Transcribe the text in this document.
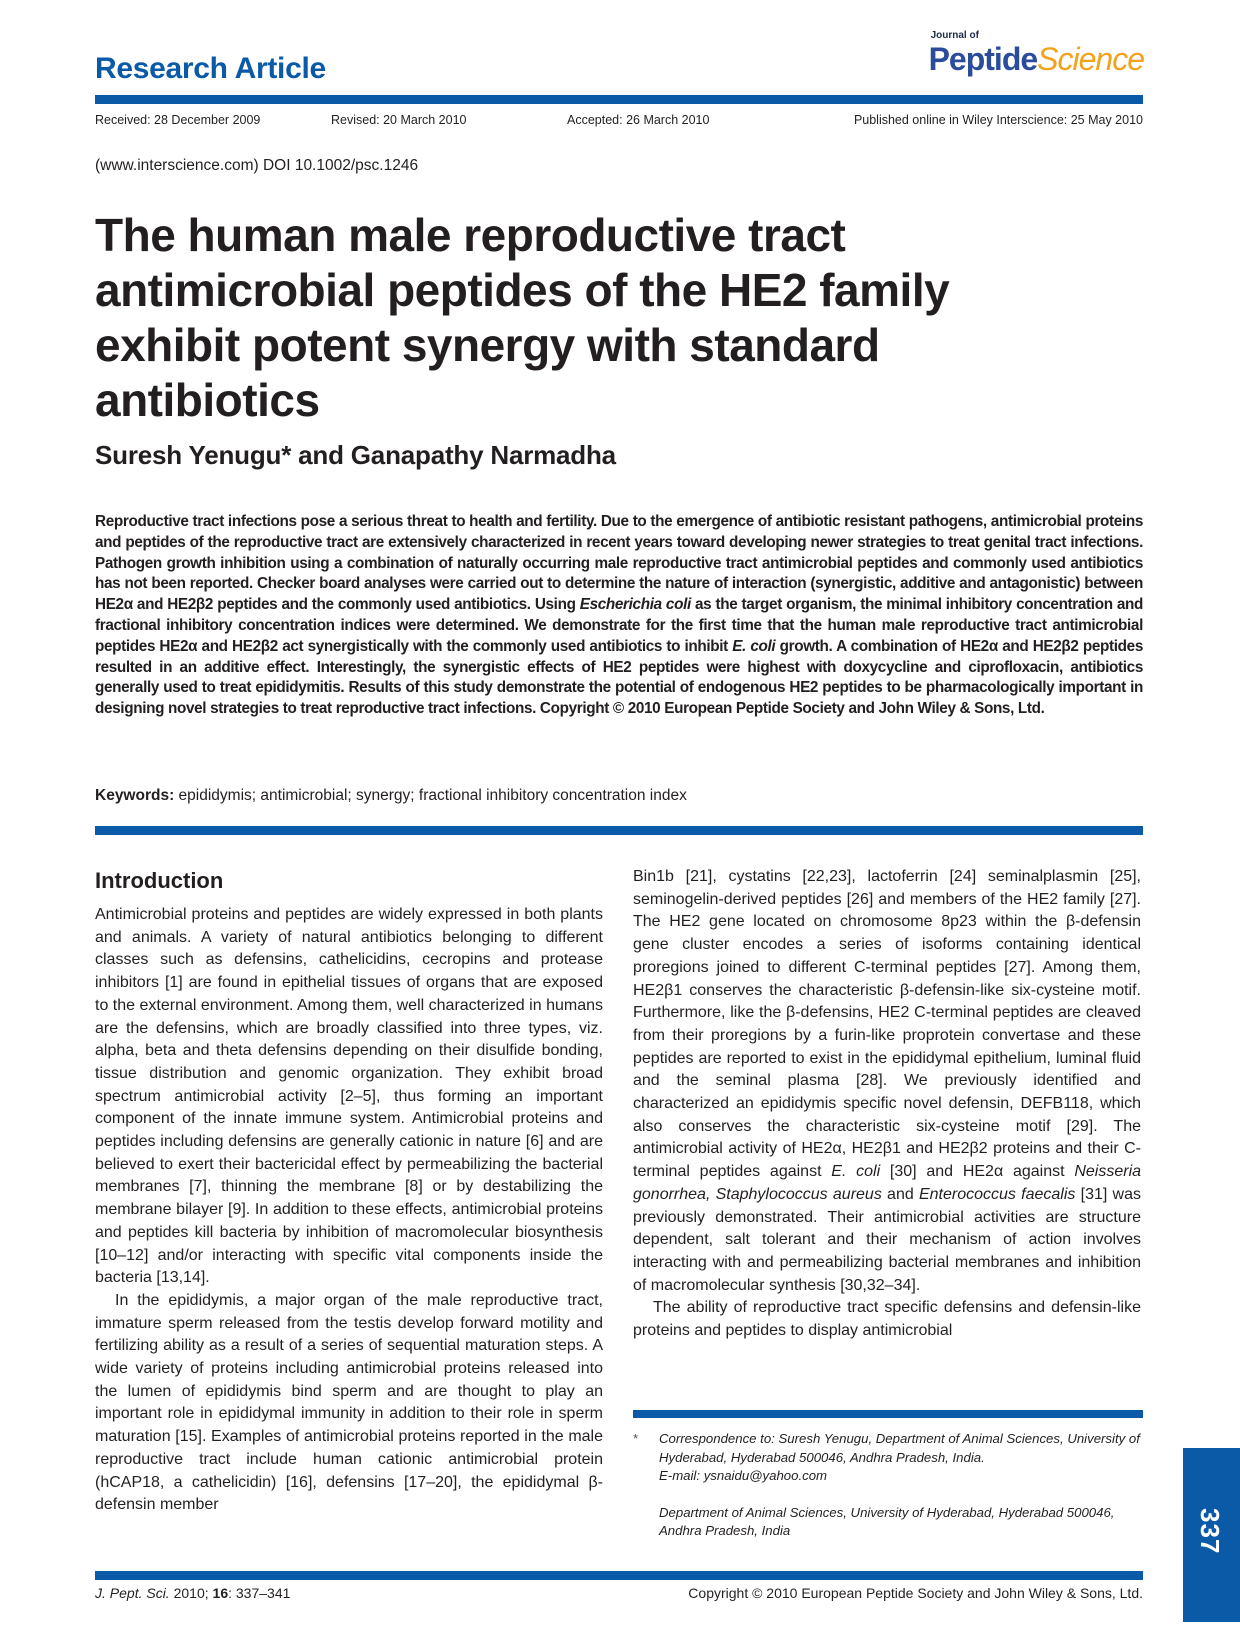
Research Article
Journal of
PeptideScience
Received: 28 December 2009	Revised: 20 March 2010	Accepted: 26 March 2010	Published online in Wiley Interscience: 25 May 2010
(www.interscience.com) DOI 10.1002/psc.1246
The human male reproductive tract antimicrobial peptides of the HE2 family exhibit potent synergy with standard antibiotics
Suresh Yenugu* and Ganapathy Narmadha
Reproductive tract infections pose a serious threat to health and fertility. Due to the emergence of antibiotic resistant pathogens, antimicrobial proteins and peptides of the reproductive tract are extensively characterized in recent years toward developing newer strategies to treat genital tract infections. Pathogen growth inhibition using a combination of naturally occurring male reproductive tract antimicrobial peptides and commonly used antibiotics has not been reported. Checker board analyses were carried out to determine the nature of interaction (synergistic, additive and antagonistic) between HE2α and HE2β2 peptides and the commonly used antibiotics. Using Escherichia coli as the target organism, the minimal inhibitory concentration and fractional inhibitory concentration indices were determined. We demonstrate for the first time that the human male reproductive tract antimicrobial peptides HE2α and HE2β2 act synergistically with the commonly used antibiotics to inhibit E. coli growth. A combination of HE2α and HE2β2 peptides resulted in an additive effect. Interestingly, the synergistic effects of HE2 peptides were highest with doxycycline and ciprofloxacin, antibiotics generally used to treat epididymitis. Results of this study demonstrate the potential of endogenous HE2 peptides to be pharmacologically important in designing novel strategies to treat reproductive tract infections. Copyright © 2010 European Peptide Society and John Wiley & Sons, Ltd.
Keywords: epididymis; antimicrobial; synergy; fractional inhibitory concentration index
Introduction

Antimicrobial proteins and peptides are widely expressed in both plants and animals. A variety of natural antibiotics belonging to different classes such as defensins, cathelicidins, cecropins and protease inhibitors [1] are found in epithelial tissues of organs that are exposed to the external environment. Among them, well characterized in humans are the defensins, which are broadly classified into three types, viz. alpha, beta and theta defensins depending on their disulfide bonding, tissue distribution and genomic organization. They exhibit broad spectrum antimicrobial activity [2–5], thus forming an important component of the innate immune system. Antimicrobial proteins and peptides including defensins are generally cationic in nature [6] and are believed to exert their bactericidal effect by permeabilizing the bacterial membranes [7], thinning the membrane [8] or by destabilizing the membrane bilayer [9]. In addition to these effects, antimicrobial proteins and peptides kill bacteria by inhibition of macromolecular biosynthesis [10–12] and/or interacting with specific vital components inside the bacteria [13,14].

In the epididymis, a major organ of the male reproductive tract, immature sperm released from the testis develop forward motility and fertilizing ability as a result of a series of sequential maturation steps. A wide variety of proteins including antimicrobial proteins released into the lumen of epididymis bind sperm and are thought to play an important role in epididymal immunity in addition to their role in sperm maturation [15]. Examples of antimicrobial proteins reported in the male reproductive tract include human cationic antimicrobial protein (hCAP18, a cathelicidin) [16], defensins [17–20], the epididymal β-defensin member

Bin1b [21], cystatins [22,23], lactoferrin [24] seminalplasmin [25], seminogelin-derived peptides [26] and members of the HE2 family [27]. The HE2 gene located on chromosome 8p23 within the β-defensin gene cluster encodes a series of isoforms containing identical proregions joined to different C-terminal peptides [27]. Among them, HE2β1 conserves the characteristic β-defensin-like six-cysteine motif. Furthermore, like the β-defensins, HE2 C-terminal peptides are cleaved from their proregions by a furin-like proprotein convertase and these peptides are reported to exist in the epididymal epithelium, luminal fluid and the seminal plasma [28]. We previously identified and characterized an epididymis specific novel defensin, DEFB118, which also conserves the characteristic six-cysteine motif [29]. The antimicrobial activity of HE2α, HE2β1 and HE2β2 proteins and their C-terminal peptides against E. coli [30] and HE2α against Neisseria gonorrhea, Staphylococcus aureus and Enterococcus faecalis [31] was previously demonstrated. Their antimicrobial activities are structure dependent, salt tolerant and their mechanism of action involves interacting with and permeabilizing bacterial membranes and inhibition of macromolecular synthesis [30,32–34].

The ability of reproductive tract specific defensins and defensin-like proteins and peptides to display antimicrobial

* Correspondence to: Suresh Yenugu, Department of Animal Sciences, University of Hyderabad, Hyderabad 500046, Andhra Pradesh, India.
E-mail: ysnaidu@yahoo.com
Department of Animal Sciences, University of Hyderabad, Hyderabad 500046, Andhra Pradesh, India	337
J. Pept. Sci. 2010; 16: 337–341	Copyright © 2010 European Peptide Society and John Wiley & Sons, Ltd.
